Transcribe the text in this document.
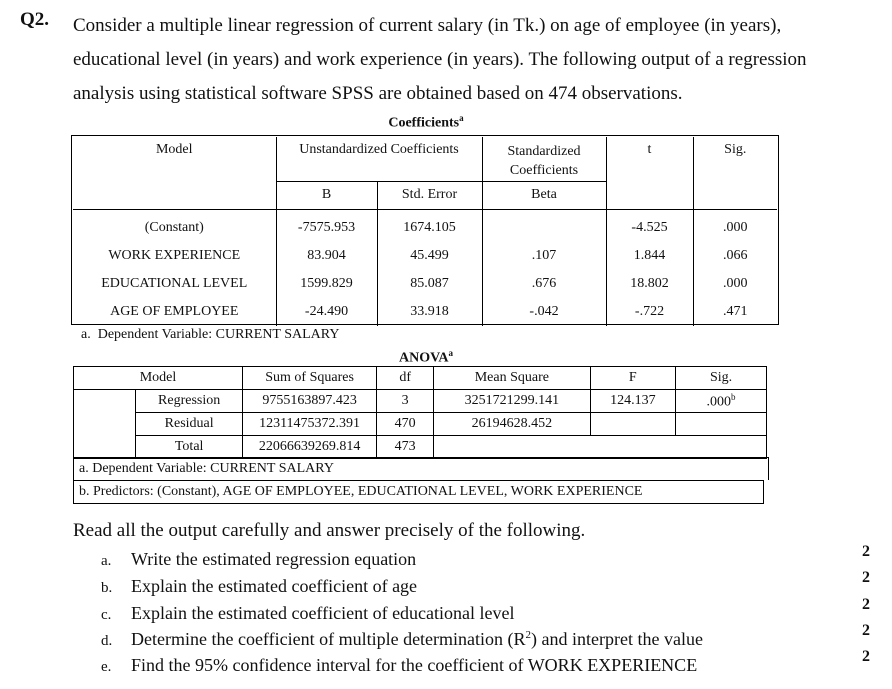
Q2. Consider a multiple linear regression of current salary (in Tk.) on age of employee (in years),
educational level (in years) and work experience (in years). The following output of a regression
analysis using statistical software SPSS are obtained based on 474 observations.
Coefficients$^a$
Model	Unstandardized Coefficients		Standardized
Coefficients	t	Sig.
	B	Std. Error	Beta		

(Constant)	-7575.953	1674.105		-4.525	.000
WORK EXPERIENCE	83.904	45.499	.107	1.844	.066
EDUCATIONAL LEVEL	1599.829	85.087	.676	18.802	.000
AGE OF EMPLOYEE	-24.490	33.918	-.042	-.722	.471
a. Dependent Variable: CURRENT SALARY
ANOVA$^a$
Model		Sum of Squares	df	Mean Square	F	Sig.
	Regression	9755163897.423	3	3251721299.141	124.137	.000$^b$
	Residual	12311475372.391	470	26194628.452		
	Total	22066639269.814	473			
a. Dependent Variable: CURRENT SALARY
b. Predictors: (Constant), AGE OF EMPLOYEE, EDUCATIONAL LEVEL, WORK EXPERIENCE
Read all the output carefully and answer precisely of the following.
a. Write the estimated regression equation
b. Explain the estimated coefficient of age
c. Explain the estimated coefficient of educational level
d. Determine the coefficient of multiple determination $(R^2)$ and interpret the value
e. Find the 95% confidence interval for the coefficient of WORK EXPERIENCE
2
2
2
2
2
